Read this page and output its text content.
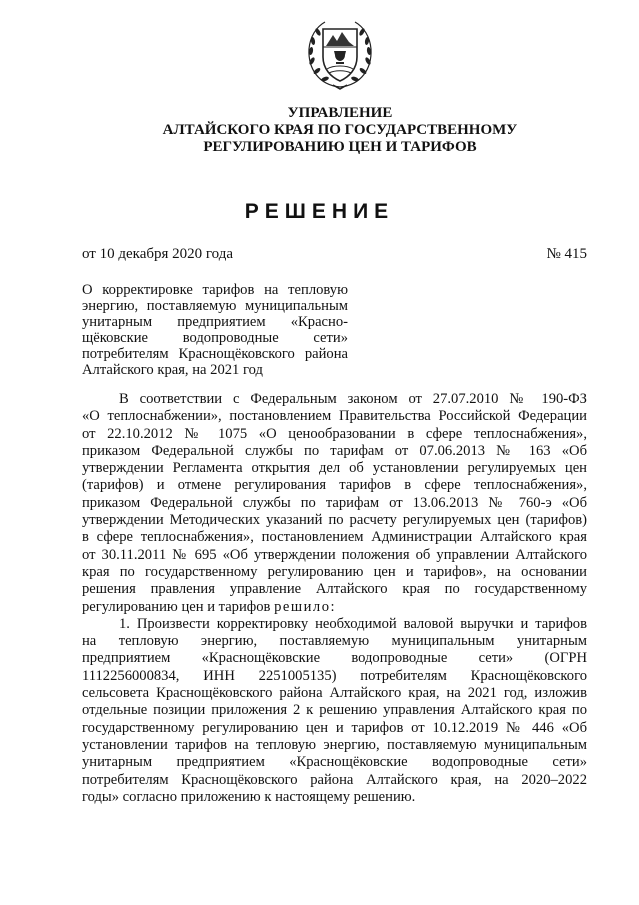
УПРАВЛЕНИЕ
АЛТАЙСКОГО КРАЯ ПО ГОСУДАРСТВЕННОМУ
РЕГУЛИРОВАНИЮ ЦЕН И ТАРИФОВ
РЕШЕНИЕ
от 10 декабря 2020 года	№ 415
О корректировке тарифов на тепловую
энергию, поставляемую муниципальным
унитарным предприятием «Красно-
щёковские водопроводные сети»
потребителям Краснощёковского района
Алтайского края, на 2021 год
В соответствии с Федеральным законом от 27.07.2010 № 190-ФЗ
«О теплоснабжении», постановлением Правительства Российской Федерации
от 22.10.2012 № 1075 «О ценообразовании в сфере теплоснабжения»,
приказом Федеральной службы по тарифам от 07.06.2013 № 163 «Об
утверждении Регламента открытия дел об установлении регулируемых цен
(тарифов) и отмене регулирования тарифов в сфере теплоснабжения»,
приказом Федеральной службы по тарифам от 13.06.2013 № 760-э «Об
утверждении Методических указаний по расчету регулируемых цен (тарифов)
в сфере теплоснабжения», постановлением Администрации Алтайского края
от 30.11.2011 № 695 «Об утверждении положения об управлении Алтайского
края по государственному регулированию цен и тарифов», на основании
решения правления управление Алтайского края по государственному
регулированию цен и тарифов решило:
1. Произвести корректировку необходимой валовой выручки и тарифов
на тепловую энергию, поставляемую муниципальным унитарным
предприятием «Краснощёковские водопроводные сети» (ОГРН
1112256000834, ИНН 2251005135) потребителям Краснощёковского
сельсовета Краснощёковского района Алтайского края, на 2021 год, изложив
отдельные позиции приложения 2 к решению управления Алтайского края по
государственному регулированию цен и тарифов от 10.12.2019 № 446 «Об
установлении тарифов на тепловую энергию, поставляемую муниципальным
унитарным предприятием «Краснощёковские водопроводные сети»
потребителям Краснощёковского района Алтайского края, на 2020–2022
годы» согласно приложению к настоящему решению.
